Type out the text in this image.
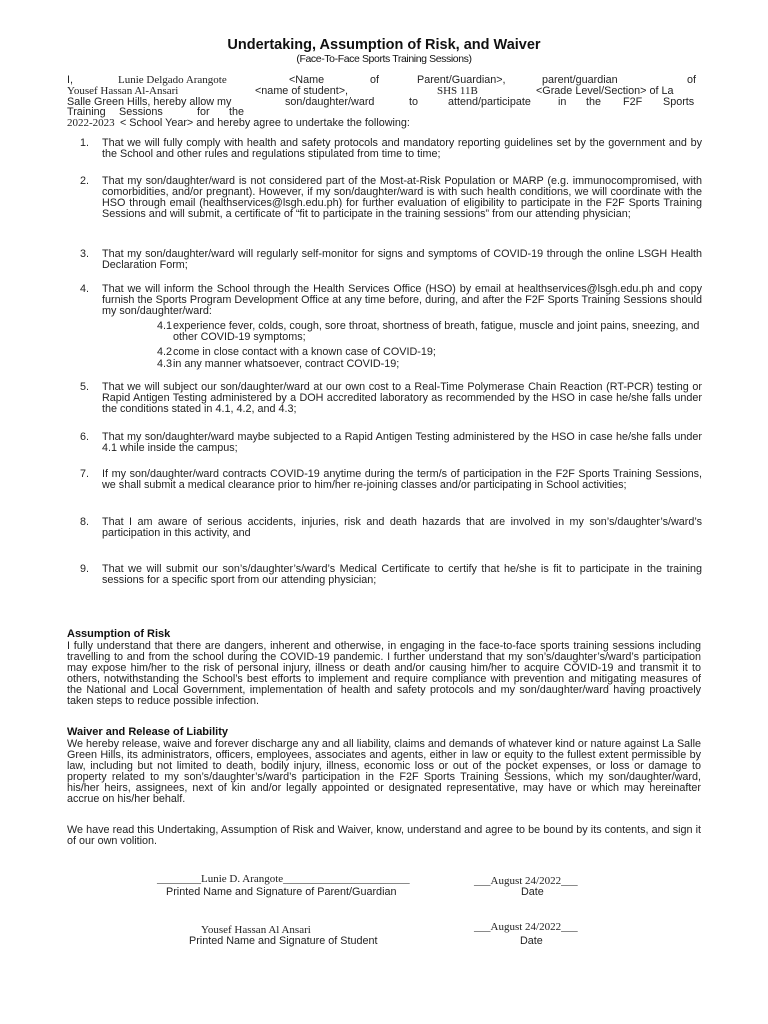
Undertaking, Assumption of Risk, and Waiver
(Face-To-Face Sports Training Sessions)
I,	Lunie Delgado Arangote	<Name	of	Parent/Guardian>,	parent/guardian	of
Yousef Hassan Al-Ansari	<name of student>,	SHS 11B	<Grade Level/Section> of La
Salle Green Hills, hereby allow my	son/daughter/ward	to	attend/participate	in the F2F Sports
Training Sessions	for the
2022-2023 < School Year> and hereby agree to undertake the following:
1. That we will fully comply with health and safety protocols and mandatory reporting guidelines set by the government and by the School and other rules and regulations stipulated from time to time;
2. That my son/daughter/ward is not considered part of the Most-at-Risk Population or MARP (e.g. immunocompromised, with comorbidities, and/or pregnant). However, if my son/daughter/ward is with such health conditions, we will coordinate with the HSO through email (healthservices@lsgh.edu.ph) for further evaluation of eligibility to participate in the F2F Sports Training Sessions and will submit, a certificate of “fit to participate in the training sessions” from our attending physician;
3. That my son/daughter/ward will regularly self-monitor for signs and symptoms of COVID-19 through the online LSGH Health Declaration Form;
4. That we will inform the School through the Health Services Office (HSO) by email at healthservices@lsgh.edu.ph and copy furnish the Sports Program Development Office at any time before, during, and after the F2F Sports Training Sessions should my son/daughter/ward:
4.1 experience fever, colds, cough, sore throat, shortness of breath, fatigue, muscle and joint pains, sneezing, and other COVID-19 symptoms;
4.2 come in close contact with a known case of COVID-19;
4.3 in any manner whatsoever, contract COVID-19;
5. That we will subject our son/daughter/ward at our own cost to a Real-Time Polymerase Chain Reaction (RT-PCR) testing or Rapid Antigen Testing administered by a DOH accredited laboratory as recommended by the HSO in case he/she falls under the conditions stated in 4.1, 4.2, and 4.3;
6. That my son/daughter/ward maybe subjected to a Rapid Antigen Testing administered by the HSO in case he/she falls under 4.1 while inside the campus;
7. If my son/daughter/ward contracts COVID-19 anytime during the term/s of participation in the F2F Sports Training Sessions, we shall submit a medical clearance prior to him/her re-joining classes and/or participating in School activities;
8. That I am aware of serious accidents, injuries, risk and death hazards that are involved in my son’s/daughter’s/ward’s participation in this activity, and
9. That we will submit our son’s/daughter’s/ward’s Medical Certificate to certify that he/she is fit to participate in the training sessions for a specific sport from our attending physician;
Assumption of Risk
I fully understand that there are dangers, inherent and otherwise, in engaging in the face-to-face sports training sessions including travelling to and from the school during the COVID-19 pandemic. I further understand that my son’s/daughter’s/ward’s participation may expose him/her to the risk of personal injury, illness or death and/or causing him/her to acquire COVID-19 and transmit it to others, notwithstanding the School’s best efforts to implement and require compliance with prevention and mitigating measures of the National and Local Government, implementation of health and safety protocols and my son/daughter/ward having proactively taken steps to reduce possible infection.
Waiver and Release of Liability
We hereby release, waive and forever discharge any and all liability, claims and demands of whatever kind or nature against La Salle Green Hills, its administrators, officers, employees, associates and agents, either in law or equity to the fullest extent permissible by law, including but not limited to death, bodily injury, illness, economic loss or out of the pocket expenses, or loss or damage to property related to my son’s/daughter’s/ward’s participation in the F2F Sports Training Sessions, which my son/daughter/ward, his/her heirs, assignees, next of kin and/or legally appointed or designated representative, may have or which may hereinafter accrue on his/her behalf.
We have read this Undertaking, Assumption of Risk and Waiver, know, understand and agree to be bound by its contents, and sign it of our own volition.
________Lunie D. Arangote_______________________
Printed Name and Signature of Parent/Guardian
___August 24/2022___
Date
Yousef Hassan Al Ansari
Printed Name and Signature of Student
___August 24/2022___
Date
